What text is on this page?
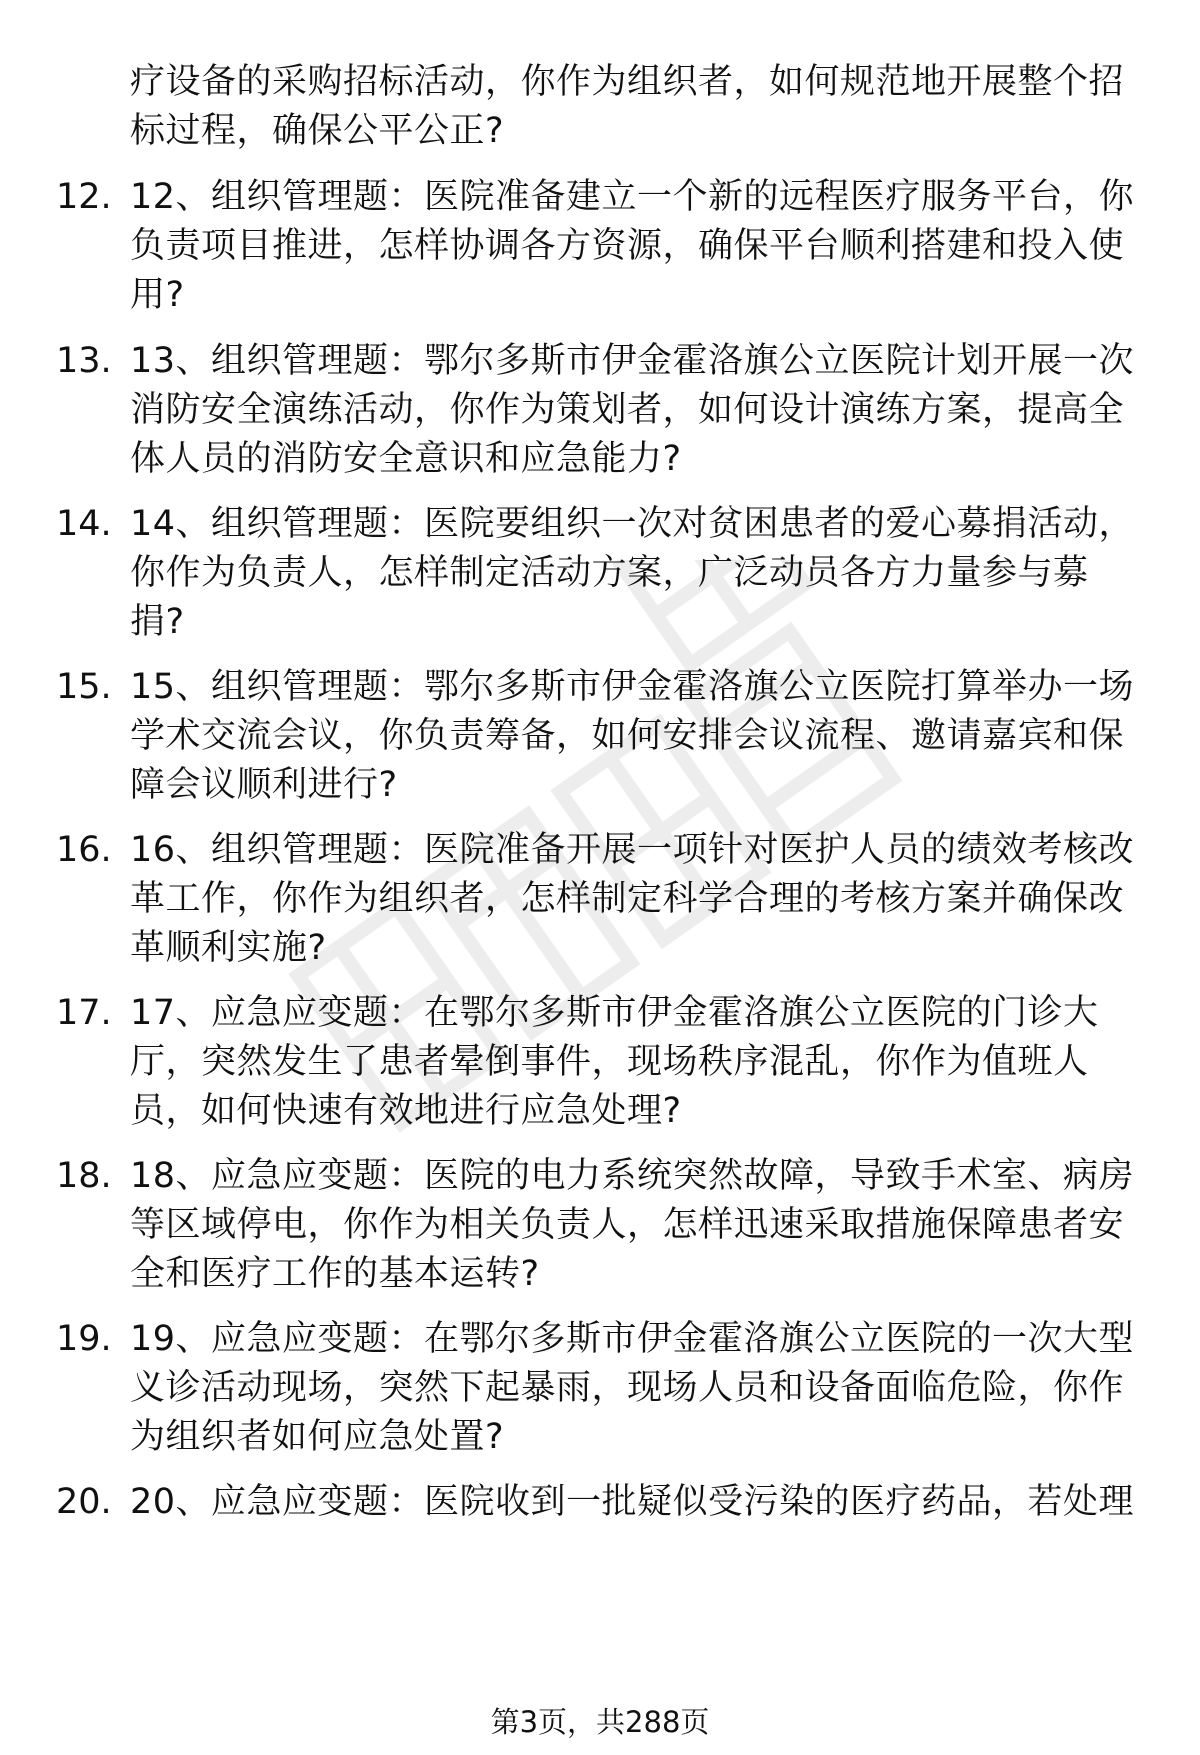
疗设备的采购招标活动，你作为组织者，如何规范地开展整个招标过程，确保公平公正?
12. 12、组织管理题：医院准备建立一个新的远程医疗服务平台，你负责项目推进，怎样协调各方资源，确保平台顺利搭建和投入使用?
13. 13、组织管理题：鄂尔多斯市伊金霍洛旗公立医院计划开展一次消防安全演练活动，你作为策划者，如何设计演练方案，提高全体人员的消防安全意识和应急能力?
14. 14、组织管理题：医院要组织一次对贫困患者的爱心募捐活动，你作为负责人，怎样制定活动方案，广泛动员各方力量参与募捐?
15. 15、组织管理题：鄂尔多斯市伊金霍洛旗公立医院打算举办一场学术交流会议，你负责筹备，如何安排会议流程、邀请嘉宾和保障会议顺利进行?
16. 16、组织管理题：医院准备开展一项针对医护人员的绩效考核改革工作，你作为组织者，怎样制定科学合理的考核方案并确保改革顺利实施?
17. 17、应急应变题：在鄂尔多斯市伊金霍洛旗公立医院的门诊大厅，突然发生了患者晕倒事件，现场秩序混乱，你作为值班人员，如何快速有效地进行应急处理?
18. 18、应急应变题：医院的电力系统突然故障，导致手术室、病房等区域停电，你作为相关负责人，怎样迅速采取措施保障患者安全和医疗工作的基本运转?
19. 19、应急应变题：在鄂尔多斯市伊金霍洛旗公立医院的一次大型义诊活动现场，突然下起暴雨，现场人员和设备面临危险，你作为组织者如何应急处置?
20. 20、应急应变题：医院收到一批疑似受污染的医疗药品，若处理
第3页，共288页
